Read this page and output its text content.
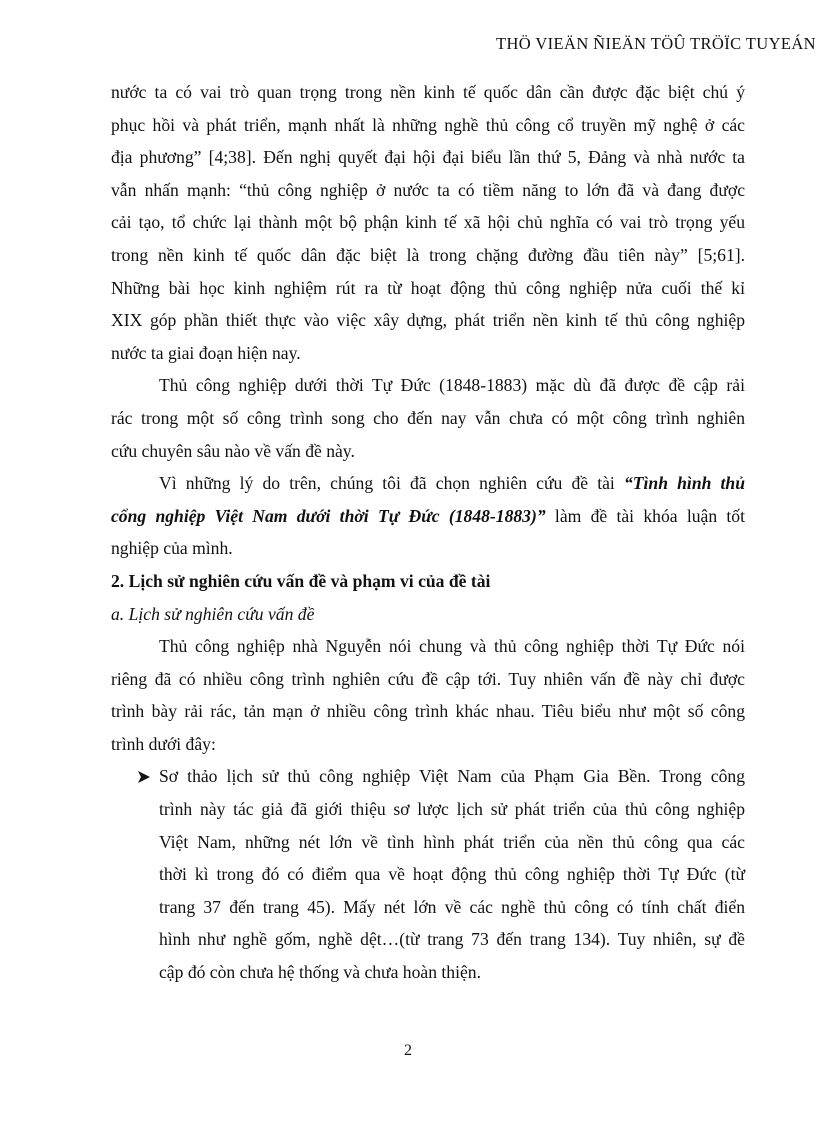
THÖ VIEÄN ÑIEÄN TÖÛ TRÖÏC TUYEÁN
nước ta có vai trò quan trọng trong nền kinh tế quốc dân cần được đặc biệt chú ý
phục hồi và phát triển, mạnh nhất là những nghề thủ công cổ truyền mỹ nghệ ở các
địa phương” [4;38]. Đến nghị quyết đại hội đại biểu lần thứ 5, Đảng và nhà nước ta
vẫn nhấn mạnh: “thủ công nghiệp ở nước ta có tiềm năng to lớn đã và đang được
cải tạo, tổ chức lại thành một bộ phận kinh tế xã hội chủ nghĩa có vai trò trọng yếu
trong nền kinh tế quốc dân đặc biệt là trong chặng đường đầu tiên này” [5;61].
Những bài học kinh nghiệm rút ra từ hoạt động thủ công nghiệp nửa cuối thế kỉ
XIX góp phần thiết thực vào việc xây dựng, phát triển nền kinh tế thủ công nghiệp
nước ta giai đoạn hiện nay.
Thủ công nghiệp dưới thời Tự Đức (1848-1883) mặc dù đã được đề cập rải
rác trong một số công trình song cho đến nay vẫn chưa có một công trình nghiên
cứu chuyên sâu nào về vấn đề này.
Vì những lý do trên, chúng tôi đã chọn nghiên cứu đề tài “Tình hình thủ
cổng nghiệp Việt Nam dưới thời Tự Đức (1848-1883)” làm đề tài khóa luận tốt
nghiệp của mình.
2. Lịch sử nghiên cứu vấn đề và phạm vi của đề tài
a. Lịch sử nghiên cứu vấn đề
Thủ công nghiệp nhà Nguyễn nói chung và thủ công nghiệp thời Tự Đức nói
riêng đã có nhiều công trình nghiên cứu đề cập tới. Tuy nhiên vấn đề này chỉ được
trình bày rải rác, tản mạn ở nhiều công trình khác nhau. Tiêu biểu như một số công
trình dưới đây:
Sơ thảo lịch sử thủ công nghiệp Việt Nam của Phạm Gia Bền. Trong công
trình này tác giả đã giới thiệu sơ lược lịch sử phát triển của thủ công nghiệp
Việt Nam, những nét lớn về tình hình phát triển của nền thủ công qua các
thời kì trong đó có điểm qua về hoạt động thủ công nghiệp thời Tự Đức (từ
trang 37 đến trang 45). Mấy nét lớn về các nghề thủ công có tính chất điển
hình như nghề gốm, nghề dệt…(từ trang 73 đến trang 134). Tuy nhiên, sự đề
cập đó còn chưa hệ thống và chưa hoàn thiện.
2
